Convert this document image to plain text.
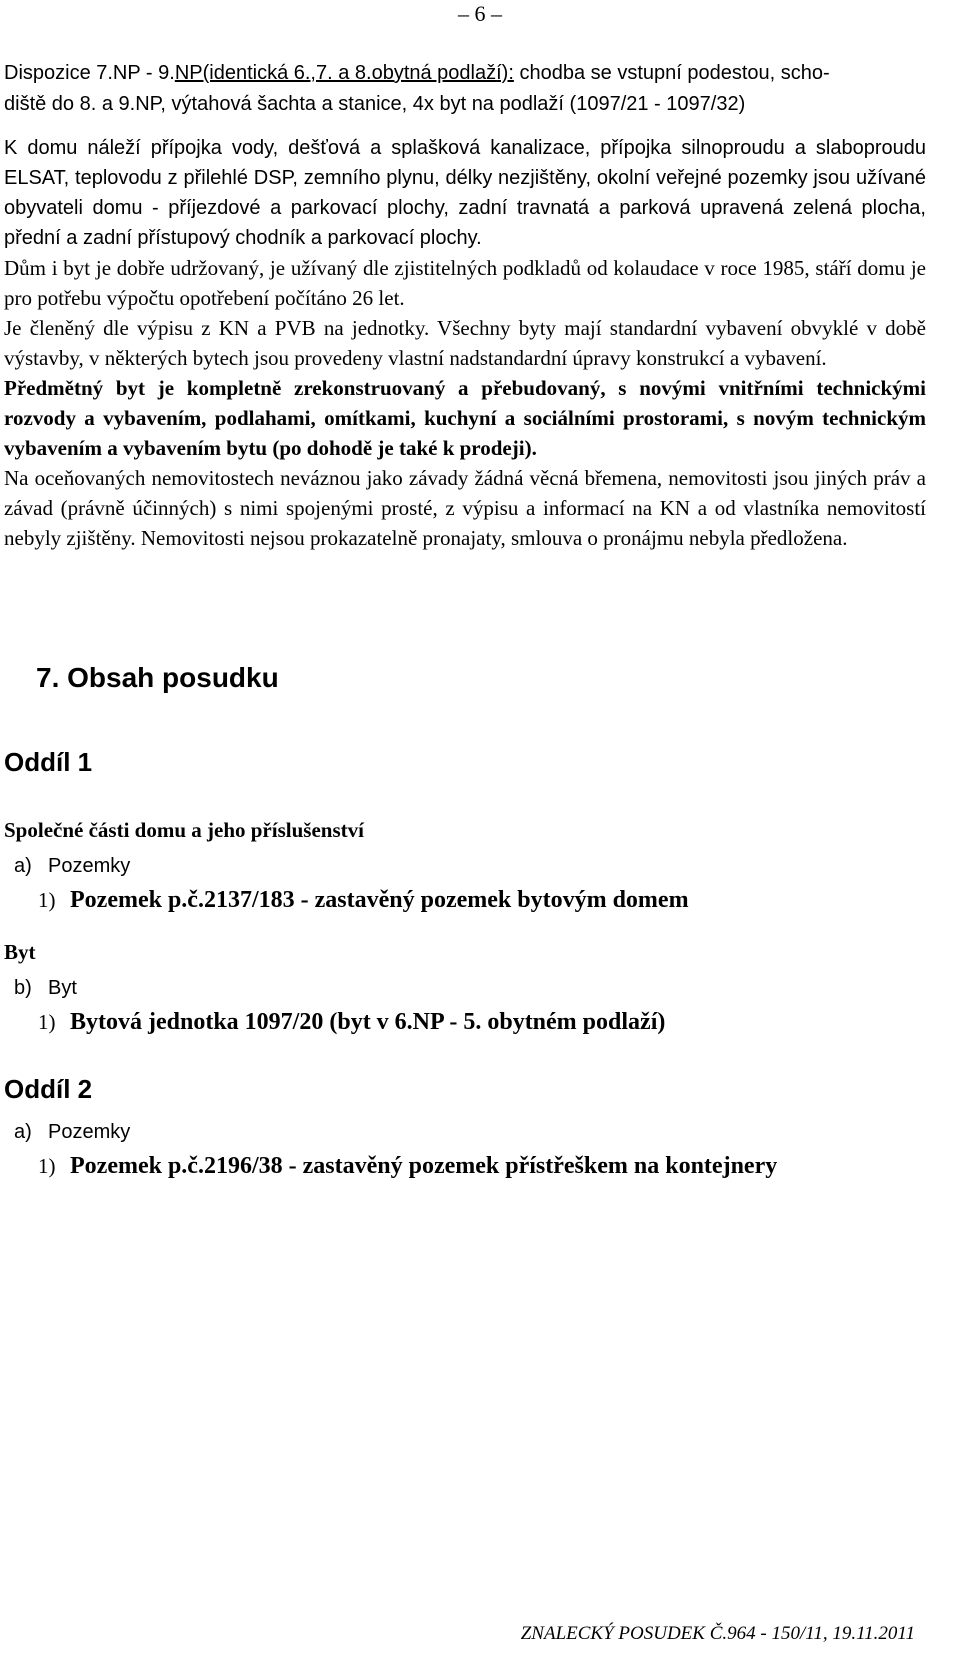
– 6 –

Dispozice 7.NP - 9.NP(identická 6.,7. a 8.obytná podlaží): chodba se vstupní podestou, scho-

diště do 8. a 9.NP, výtahová šachta a stanice, 4x byt na podlaží (1097/21 - 1097/32)

K domu náleží přípojka vody, dešťová a splašková kanalizace, přípojka silnoproudu a slaboproudu ELSAT, teplovodu z přilehlé DSP, zemního plynu, délky nezjištěny, okolní veřejné pozemky jsou užívané obyvateli domu - příjezdové a parkovací plochy, zadní travnatá a parková upravená zelená plocha, přední a zadní přístupový chodník a parkovací plochy.

Dům i byt je dobře udržovaný, je užívaný dle zjistitelných podkladů od kolaudace v roce 1985, stáří domu je pro potřebu výpočtu opotřebení počítáno 26 let.

Je členěný dle výpisu z KN a PVB na jednotky. Všechny byty mají standardní vybavení obvyklé v době výstavby, v některých bytech jsou provedeny vlastní nadstandardní úpravy konstrukcí a vybavení.

Předmětný byt je kompletně zrekonstruovaný a přebudovaný, s novými vnitřními technickými rozvody a vybavením, podlahami, omítkami, kuchyní a sociálními prostorami, s novým technickým vybavením a vybavením bytu (po dohodě je také k prodeji).

Na oceňovaných nemovitostech neváznou jako závady žádná věcná břemena, nemovitosti jsou jiných práv a závad (právně účinných) s nimi spojenými prosté, z výpisu a informací na KN a od vlastníka nemovitostí nebyly zjištěny. Nemovitosti nejsou prokazatelně pronajaty, smlouva o pronájmu nebyla předložena.

7. Obsah posudku
Oddíl 1
Společné části domu a jeho příslušenství
a) Pozemky
1) Pozemek p.č.2137/183 - zastavěný pozemek bytovým domem
Byt
b) Byt
1) Bytová jednotka 1097/20 (byt v 6.NP - 5. obytném podlaží)
Oddíl 2
a) Pozemky
1) Pozemek p.č.2196/38 - zastavěný pozemek přístřeškem na kontejnery
ZNALECKÝ POSUDEK Č.964 - 150/11, 19.11.2011
